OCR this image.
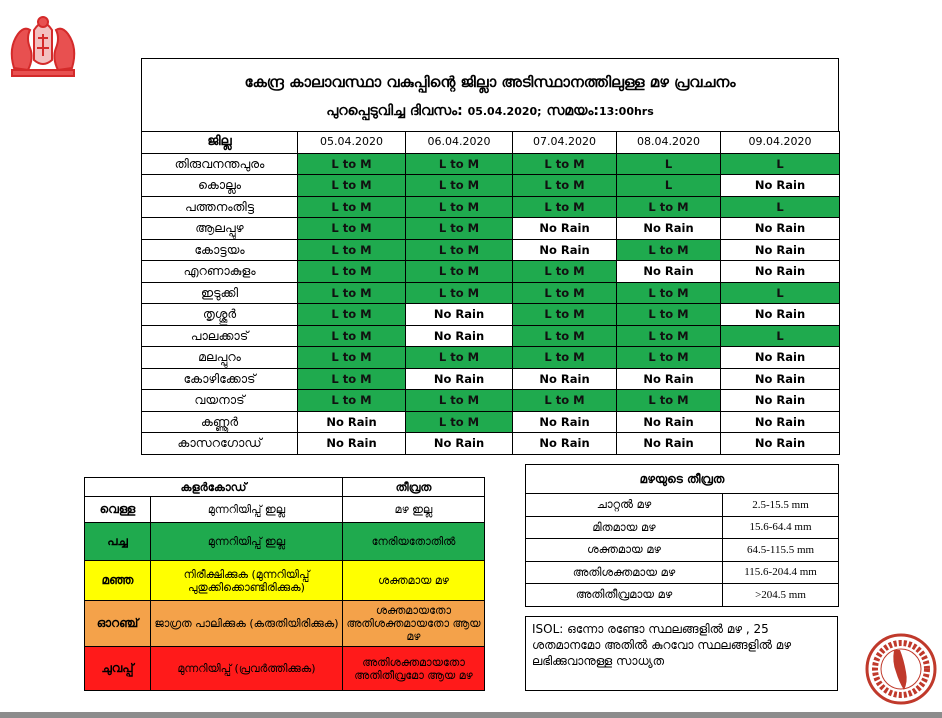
കേന്ദ്ര കാലാവസ്ഥാ വകുപ്പിന്റെ ജില്ലാ അടിസ്ഥാനത്തിലുള്ള മഴ പ്രവചനം
പുറപ്പെടുവിച്ച ദിവസം: 05.04.2020; സമയം:13:00hrs
ജില്ല	05.04.2020	06.04.2020	07.04.2020	08.04.2020	09.04.2020
തിരുവനന്തപുരം	L to M	L to M	L to M	L	L
കൊല്ലം	L to M	L to M	L to M	L	No Rain
പത്തനംതിട്ട	L to M	L to M	L to M	L to M	L
ആലപ്പുഴ	L to M	L to M	No Rain	No Rain	No Rain
കോട്ടയം	L to M	L to M	No Rain	L to M	No Rain
എറണാകുളം	L to M	L to M	L to M	No Rain	No Rain
ഇടുക്കി	L to M	L to M	L to M	L to M	L
തൃശ്ശൂർ	L to M	No Rain	L to M	L to M	No Rain
പാലക്കാട്	L to M	No Rain	L to M	L to M	L
മലപ്പുറം	L to M	L to M	L to M	L to M	No Rain
കോഴിക്കോട്	L to M	No Rain	No Rain	No Rain	No Rain
വയനാട്	L to M	L to M	L to M	L to M	No Rain
കണ്ണൂർ	No Rain	L to M	No Rain	No Rain	No Rain
കാസറഗോഡ്	No Rain	No Rain	No Rain	No Rain	No Rain
കളർകോഡ്		തീവ്രത
വെള്ള	മുന്നറിയിപ്പ് ഇല്ല	മഴ ഇല്ല
പച്ച	മുന്നറിയിപ്പ് ഇല്ല	നേരിയതോതിൽ
മഞ്ഞ	നിരീക്ഷിക്കുക (മുന്നറിയിപ്പ് പുതുക്കിക്കൊണ്ടിരിക്കുക)	ശക്തമായ മഴ
ഓറഞ്ച്	ജാഗ്രത പാലിക്കുക (കരുതിയിരിക്കുക)	ശക്തമായതോ അതിശക്തമായതോ ആയ മഴ
ചുവപ്പ്	മുന്നറിയിപ്പ് (പ്രവർത്തിക്കുക)	അതിശക്തമായതോ അതിതീവ്രമോ ആയ മഴ
മഴയുടെ തീവ്രത	
ചാറ്റൽ മഴ	2.5-15.5 mm
മിതമായ മഴ	15.6-64.4 mm
ശക്തമായ മഴ	64.5-115.5 mm
അതിശക്തമായ മഴ	115.6-204.4 mm
അതിതീവ്രമായ മഴ	>204.5 mm
ISOL: ഒന്നോ രണ്ടോ സ്ഥലങ്ങളിൽ മഴ , 25 ശതമാനമോ അതിൽ കുറവോ സ്ഥലങ്ങളിൽ മഴ ലഭിക്കുവാനുള്ള സാധ്യത
